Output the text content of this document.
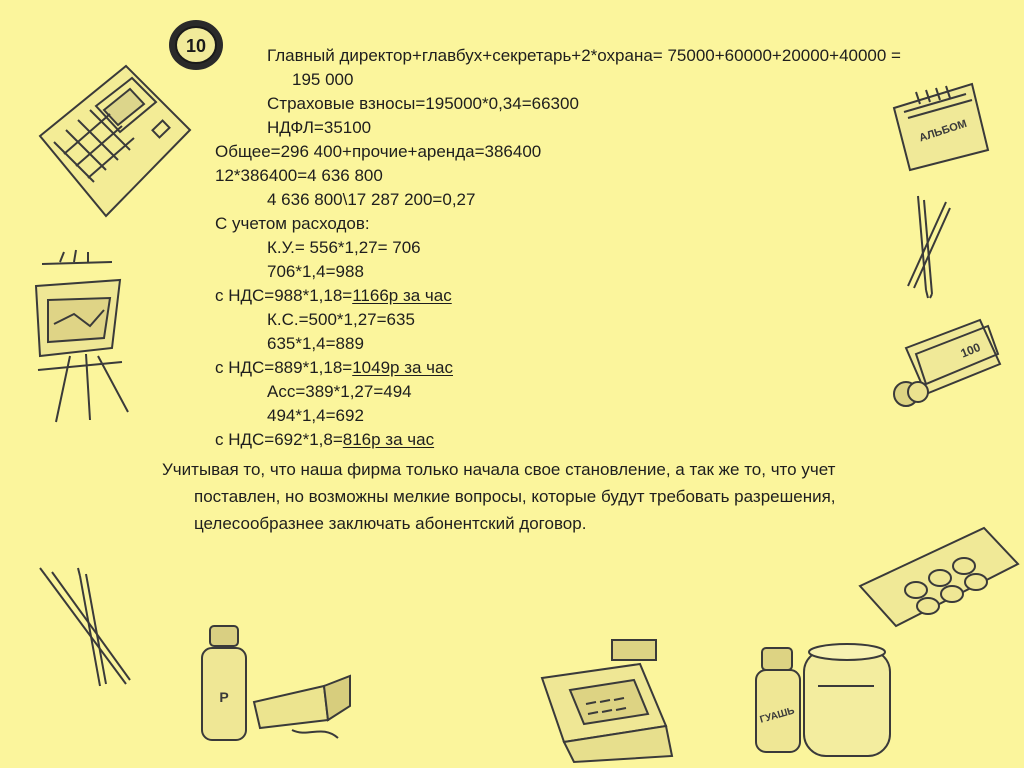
10
АЛЬБОМ
100
Р
ГУАШЬ
Главный директор+главбух+секретарь+2*охрана= 75000+60000+20000+40000 =
195 000
Страховые взносы=195000*0,34=66300
НДФЛ=35100
Общее=296 400+прочие+аренда=386400
12*386400=4 636 800
4 636 800\17 287 200=0,27
С учетом расходов:
К.У.= 556*1,27= 706
706*1,4=988
с НДС=988*1,18=1166р за час
К.С.=500*1,27=635
635*1,4=889
с НДС=889*1,18=1049р за час
Асс=389*1,27=494
494*1,4=692
с НДС=692*1,8=816р за час
Учитывая то, что наша фирма только начала свое становление, а так же то, что учет
поставлен, но возможны мелкие вопросы, которые будут требовать разрешения,
целесообразнее заключать абонентский договор.
